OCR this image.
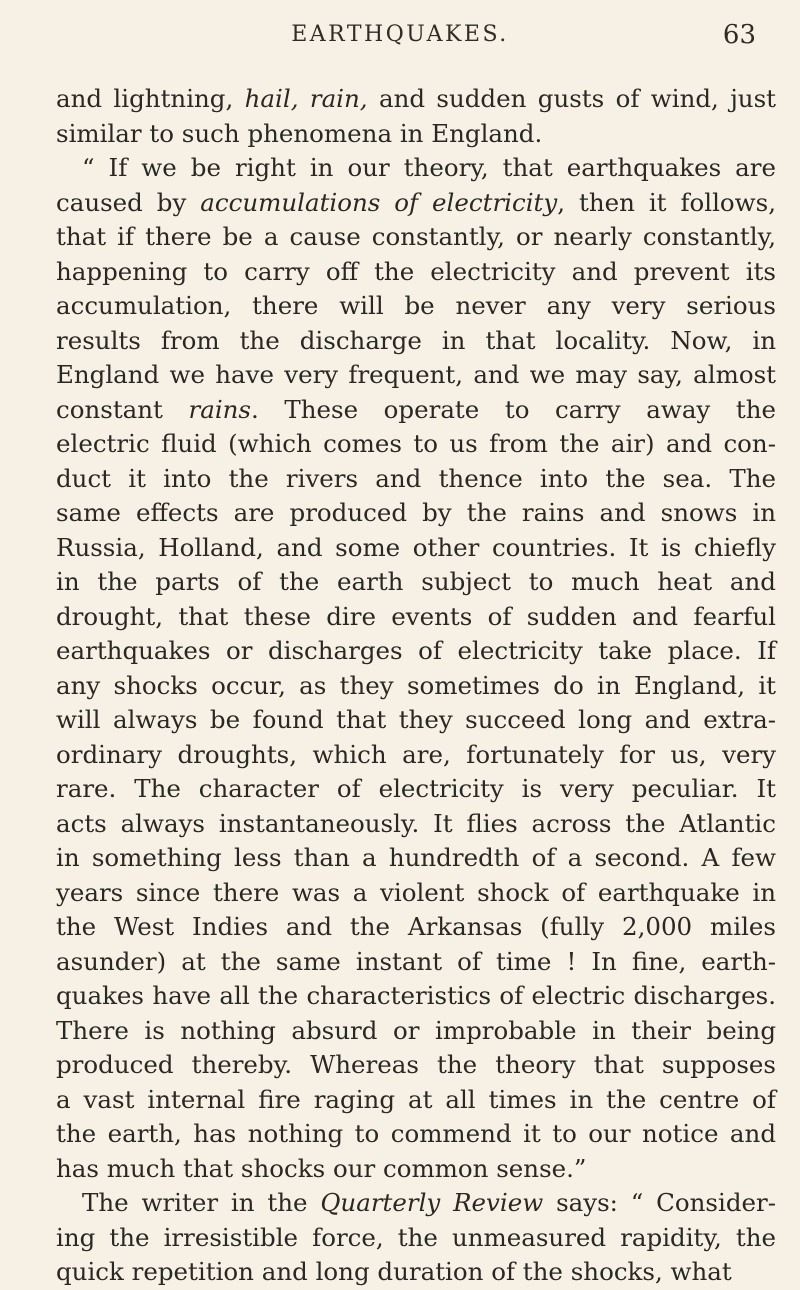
EARTHQUAKES.	63
and lightning, hail, rain, and sudden gusts of wind, just
similar to such phenomena in England.
“ If we be right in our theory, that earthquakes are
caused by accumulations of electricity, then it follows,
that if there be a cause constantly, or nearly constantly,
happening to carry off the electricity and prevent its
accumulation, there will be never any very serious
results from the discharge in that locality. Now, in
England we have very frequent, and we may say, almost
constant rains. These operate to carry away the
electric fluid (which comes to us from the air) and con-
duct it into the rivers and thence into the sea. The
same effects are produced by the rains and snows in
Russia, Holland, and some other countries. It is chiefly
in the parts of the earth subject to much heat and
drought, that these dire events of sudden and fearful
earthquakes or discharges of electricity take place. If
any shocks occur, as they sometimes do in England, it
will always be found that they succeed long and extra-
ordinary droughts, which are, fortunately for us, very
rare. The character of electricity is very peculiar. It
acts always instantaneously. It flies across the Atlantic
in something less than a hundredth of a second. A few
years since there was a violent shock of earthquake in
the West Indies and the Arkansas (fully 2,000 miles
asunder) at the same instant of time ! In fine, earth-
quakes have all the characteristics of electric discharges.
There is nothing absurd or improbable in their being
produced thereby. Whereas the theory that supposes
a vast internal fire raging at all times in the centre of
the earth, has nothing to commend it to our notice and
has much that shocks our common sense.”
The writer in the Quarterly Review says: “ Consider-
ing the irresistible force, the unmeasured rapidity, the
quick repetition and long duration of the shocks, what
